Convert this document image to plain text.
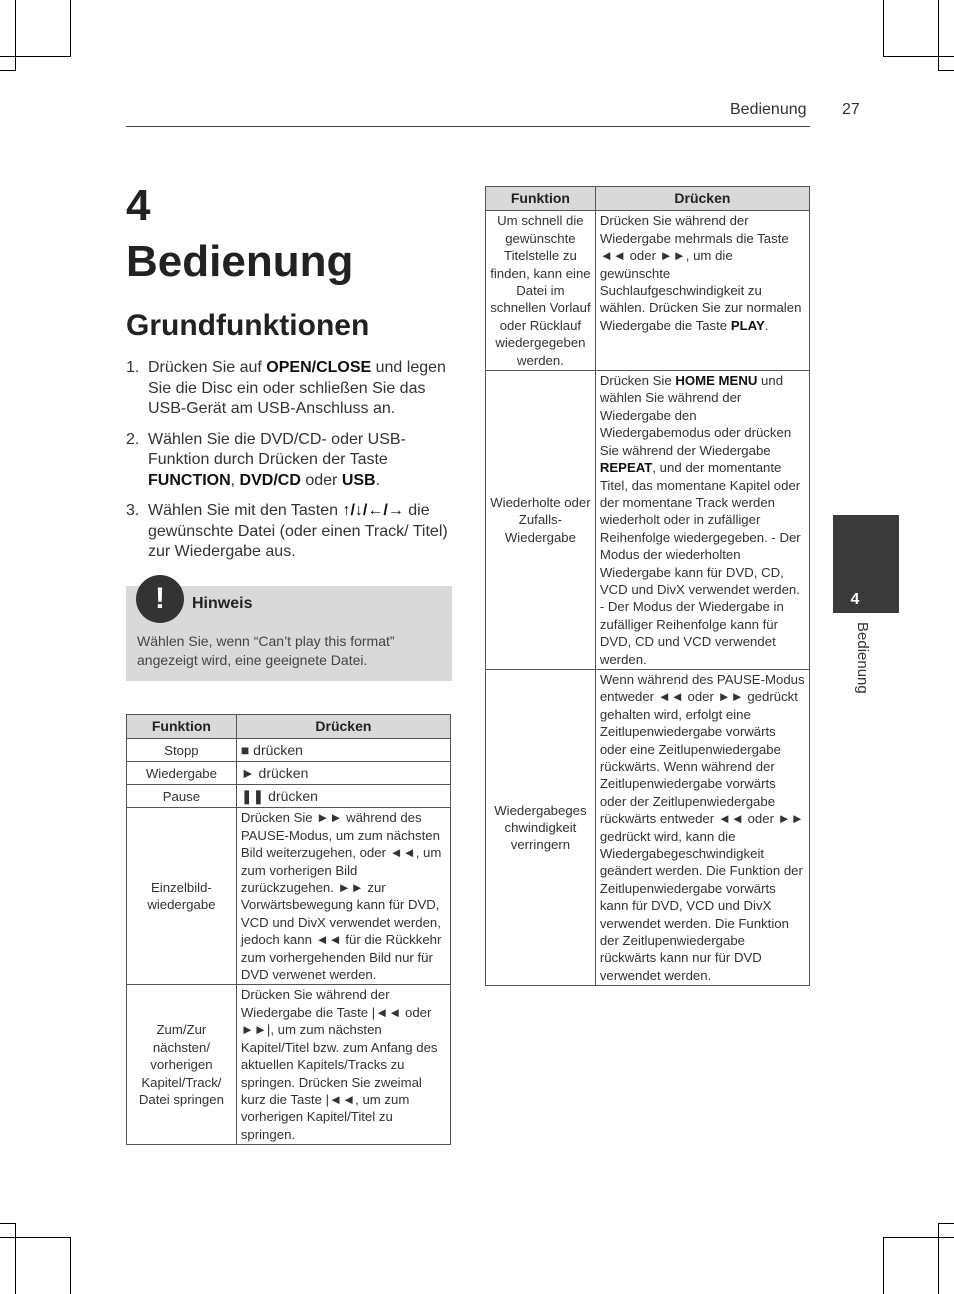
Bedienung 27
4
Bedienung
Grundfunktionen
1. Drücken Sie auf OPEN/CLOSE und legen Sie die Disc ein oder schließen Sie das USB-Gerät am USB-Anschluss an.
2. Wählen Sie die DVD/CD- oder USB-Funktion durch Drücken der Taste FUNCTION, DVD/CD oder USB.
3. Wählen Sie mit den Tasten ↑/↓/←/→ die gewünschte Datei (oder einen Track/ Titel) zur Wiedergabe aus.
!	Hinweis
Wählen Sie, wenn “Can’t play this format” angezeigt wird, eine geeignete Datei.
Funktion	Drücken
Stopp	■ drücken
Wiedergabe	► drücken
Pause	❚❚ drücken
Einzelbild-wiedergabe	Drücken Sie ►► während des PAUSE-Modus, um zum nächsten Bild weiterzugehen, oder ◄◄, um zum vorherigen Bild zurückzugehen. ►► zur Vorwärtsbewegung kann für DVD, VCD und DivX verwendet werden, jedoch kann ◄◄ für die Rückkehr zum vorhergehenden Bild nur für DVD verwenet werden.
Zum/Zur nächsten/ vorherigen Kapitel/Track/ Datei springen	Drücken Sie während der Wiedergabe die Taste |◄◄ oder ►►|, um zum nächsten Kapitel/Titel bzw. zum Anfang des aktuellen Kapitels/Tracks zu springen. Drücken Sie zweimal kurz die Taste |◄◄, um zum vorherigen Kapitel/Titel zu springen.
Funktion	Drücken
Um schnell die gewünschte Titelstelle zu finden, kann eine Datei im schnellen Vorlauf oder Rücklauf wiedergegeben werden.	Drücken Sie während der Wiedergabe mehrmals die Taste ◄◄ oder ►►, um die gewünschte Suchlaufgeschwindigkeit zu wählen. Drücken Sie zur normalen Wiedergabe die Taste PLAY.
Wiederholte oder Zufalls-Wiedergabe	Drücken Sie HOME MENU und wählen Sie während der Wiedergabe den Wiedergabemodus oder drücken Sie während der Wiedergabe REPEAT, und der momentante Titel, das momentane Kapitel oder der momentane Track werden wiederholt oder in zufälliger Reihenfolge wiedergegeben. - Der Modus der wiederholten Wiedergabe kann für DVD, CD, VCD und DivX verwendet werden. - Der Modus der Wiedergabe in zufälliger Reihenfolge kann für DVD, CD und VCD verwendet werden.
Wiedergabeges chwindigkeit verringern	Wenn während des PAUSE-Modus entweder ◄◄ oder ►► gedrückt gehalten wird, erfolgt eine Zeitlupenwiedergabe vorwärts oder eine Zeitlupenwiedergabe rückwärts. Wenn während der Zeitlupenwiedergabe vorwärts oder der Zeitlupenwiedergabe rückwärts entweder ◄◄ oder ►► gedrückt wird, kann die Wiedergabegeschwindigkeit geändert werden. Die Funktion der Zeitlupenwiedergabe vorwärts kann für DVD, VCD und DivX verwendet werden. Die Funktion der Zeitlupenwiedergabe rückwärts kann nur für DVD verwendet werden.
4
Bedienung
